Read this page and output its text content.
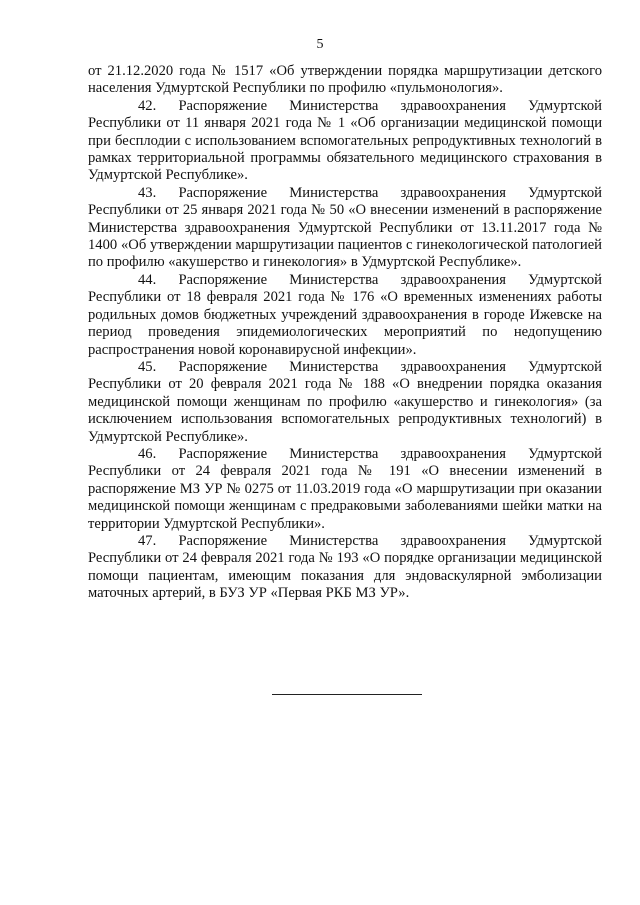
5

от 21.12.2020 года № 1517 «Об утверждении порядка маршрутизации детского населения Удмуртской Республики по профилю «пульмонология».

42. Распоряжение Министерства здравоохранения Удмуртской Республики от 11 января 2021 года № 1 «Об организации медицинской помощи при бесплодии с использованием вспомогательных репродуктивных технологий в рамках территориальной программы обязательного медицинского страхования в Удмуртской Республике».

43. Распоряжение Министерства здравоохранения Удмуртской Республики от 25 января 2021 года № 50 «О внесении изменений в распоряжение Министерства здравоохранения Удмуртской Республики от 13.11.2017 года № 1400 «Об утверждении маршрутизации пациентов с гинекологической патологией по профилю «акушерство и гинекология» в Удмуртской Республике».

44. Распоряжение Министерства здравоохранения Удмуртской Республики от 18 февраля 2021 года № 176 «О временных изменениях работы родильных домов бюджетных учреждений здравоохранения в городе Ижевске на период проведения эпидемиологических мероприятий по недопущению распространения новой коронавирусной инфекции».

45. Распоряжение Министерства здравоохранения Удмуртской Республики от 20 февраля 2021 года № 188 «О внедрении порядка оказания медицинской помощи женщинам по профилю «акушерство и гинекология» (за исключением использования вспомогательных репродуктивных технологий) в Удмуртской Республике».

46. Распоряжение Министерства здравоохранения Удмуртской Республики от 24 февраля 2021 года № 191 «О внесении изменений в распоряжение МЗ УР № 0275 от 11.03.2019 года «О маршрутизации при оказании медицинской помощи женщинам с предраковыми заболеваниями шейки матки на территории Удмуртской Республики».

47. Распоряжение Министерства здравоохранения Удмуртской Республики от 24 февраля 2021 года № 193 «О порядке организации медицинской помощи пациентам, имеющим показания для эндоваскулярной эмболизации маточных артерий, в БУЗ УР «Первая РКБ МЗ УР».
